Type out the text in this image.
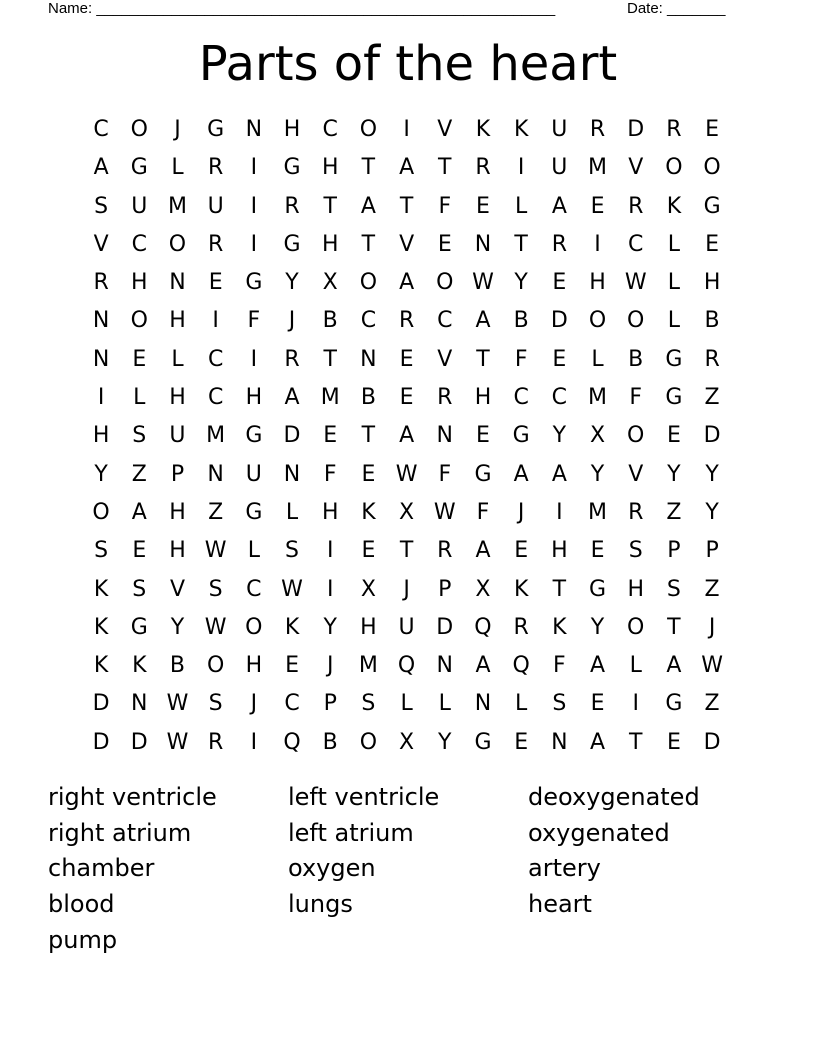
Name: _______________________________________________________

	Date: _______

Parts of the heart
C O	J	G N H	C O	I	V	K	K	U	R	D	R	E
A	G	L	R	I	G H	T	A	T	R	I	U M V O O
S	U M U	I	R	T	A	T	F	E	L	A	E	R	K	G
V	C O R	I	G H	T	V	E	N	T	R	I	C	L	E
R	H N	E	G	Y	X O	A O W Y	E	H W L	H
N O H	I	F	J	B	C	R	C	A	B	D O O	L	B
N	E	L	C	I	R	T	N	E	V	T	F	E	L	B	G	R
I	L	H	C	H	A M B	E	R	H	C	C M	F	G	Z
H	S	U M G D	E	T	A	N	E	G	Y	X O	E	D
Y	Z	P	N U N	F	E W F	G	A	A	Y	V	Y	Y
O	A	H	Z	G	L	H	K	X W F	J	I	M R	Z	Y
S	E	H W L	S	I	E	T	R	A	E	H	E	S	P	P
K	S	V	S	C W	I	X	J	P	X	K	T	G H	S	Z
K	G	Y W O	K	Y	H U D Q R	K	Y	O	T	J
K	K	B O H	E	J	M Q N	A Q	F	A	L	A W
D N W S	J	C	P	S	L	L	N	L	S	E	I	G	Z
D D W R	I	Q B O X	Y	G	E	N	A	T	E	D
right ventricle	left ventricle	deoxygenated
right atrium	left atrium	oxygenated
chamber	oxygen	artery
blood	lungs	heart
pump
